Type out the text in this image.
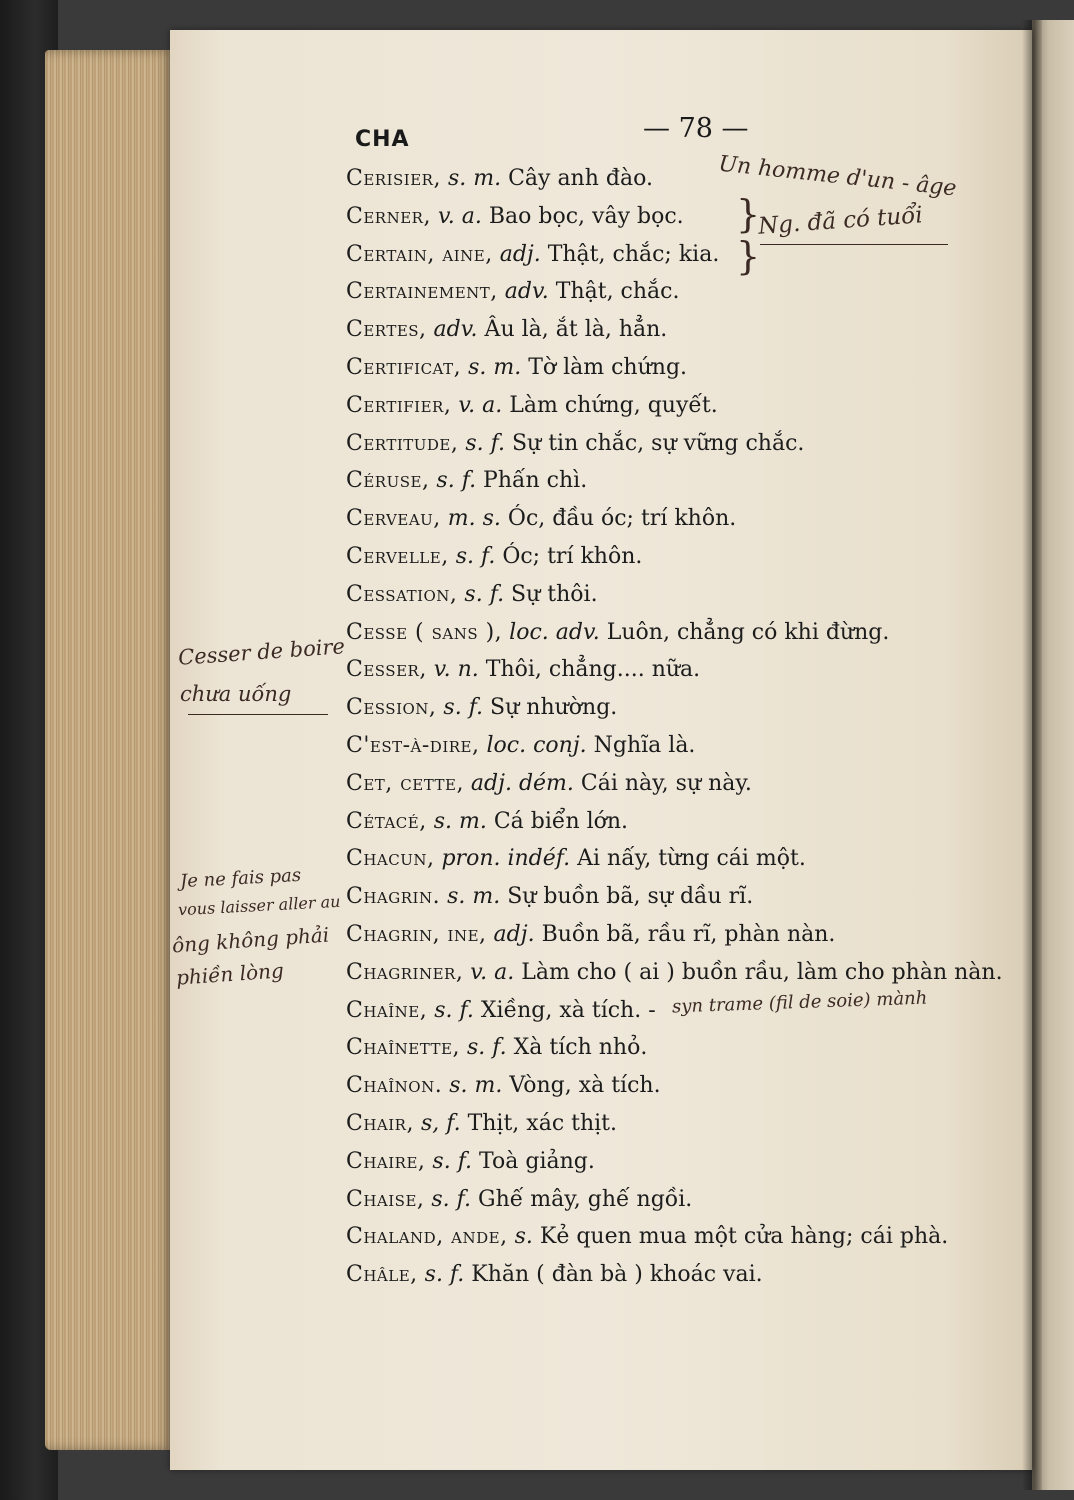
CHA	— 78 —
Cerisier, s. m. Cây anh đào.
Cerner, v. a. Bao bọc, vây bọc.
Certain, aine, adj. Thật, chắc; kia.
Certainement, adv. Thật, chắc.
Certes, adv. Âu là, ắt là, hẳn.
Certificat, s. m. Tờ làm chứng.
Certifier, v. a. Làm chứng, quyết.
Certitude, s. f. Sự tin chắc, sự vững chắc.
Céruse, s. f. Phấn chì.
Cerveau, m. s. Óc, đầu óc; trí khôn.
Cervelle, s. f. Óc; trí khôn.
Cessation, s. f. Sự thôi.
Cesse ( sans ), loc. adv. Luôn, chẳng có khi đừng.
Cesser, v. n. Thôi, chẳng.... nữa.
Cession, s. f. Sự nhường.
C'est-à-dire, loc. conj. Nghĩa là.
Cet, cette, adj. dém. Cái này, sự này.
Cétacé, s. m. Cá biển lớn.
Chacun, pron. indéf. Ai nấy, từng cái một.
Chagrin. s. m. Sự buồn bã, sự dầu rĩ.
Chagrin, ine, adj. Buồn bã, rầu rĩ, phàn nàn.
Chagriner, v. a. Làm cho ( ai ) buồn rầu, làm cho phàn nàn.
Chaîne, s. f. Xiềng, xà tích. -
Chaînette, s. f. Xà tích nhỏ.
Chaînon. s. m. Vòng, xà tích.
Chair, s, f. Thịt, xác thịt.
Chaire, s. f. Toà giảng.
Chaise, s. f. Ghế mây, ghế ngồi.
Chaland, ande, s. Kẻ quen mua một cửa hàng; cái phà.
Châle, s. f. Khăn ( đàn bà ) khoác vai.
Un homme d'un - âge
Ng. đã có tuổi
}
}
Cesser de boire
chưa uống
Je ne fais pas
vous laisser aller au
ông không phải
phiền lòng
syn trame (fil de soie) mành
